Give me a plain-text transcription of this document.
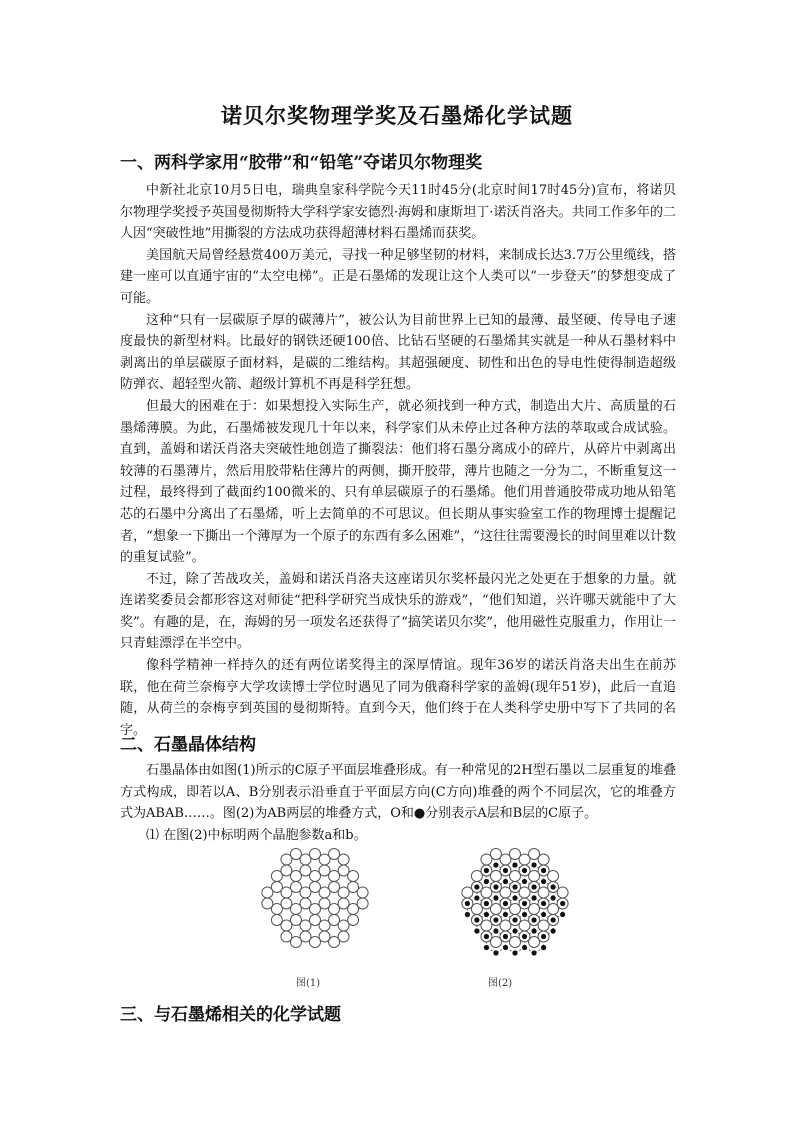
诺贝尔奖物理学奖及石墨烯化学试题
一、两科学家用“胶带”和“铅笔”夺诺贝尔物理奖

中新社北京10月5日电，瑞典皇家科学院今天11时45分(北京时间17时45分)宣布，将诺贝尔物理学奖授予英国曼彻斯特大学科学家安德烈·海姆和康斯坦丁·诺沃肖洛夫。共同工作多年的二人因“突破性地”用撕裂的方法成功获得超薄材料石墨烯而获奖。

美国航天局曾经悬赏400万美元，寻找一种足够坚韧的材料，来制成长达3.7万公里缆线，搭建一座可以直通宇宙的“太空电梯”。正是石墨烯的发现让这个人类可以“一步登天”的梦想变成了可能。

这种“只有一层碳原子厚的碳薄片”，被公认为目前世界上已知的最薄、最坚硬、传导电子速度最快的新型材料。比最好的钢铁还硬100倍、比钻石坚硬的石墨烯其实就是一种从石墨材料中剥离出的单层碳原子面材料，是碳的二维结构。其超强硬度、韧性和出色的导电性使得制造超级防弹衣、超轻型火箭、超级计算机不再是科学狂想。

但最大的困难在于：如果想投入实际生产，就必须找到一种方式，制造出大片、高质量的石墨烯薄膜。为此，石墨烯被发现几十年以来，科学家们从未停止过各种方法的萃取或合成试验。直到，盖姆和诺沃肖洛夫突破性地创造了撕裂法：他们将石墨分离成小的碎片，从碎片中剥离出较薄的石墨薄片，然后用胶带粘住薄片的两侧，撕开胶带，薄片也随之一分为二，不断重复这一过程，最终得到了截面约100微米的、只有单层碳原子的石墨烯。他们用普通胶带成功地从铅笔芯的石墨中分离出了石墨烯，听上去简单的不可思议。但长期从事实验室工作的物理博士提醒记者，“想象一下撕出一个薄厚为一个原子的东西有多么困难”，“这往往需要漫长的时间里难以计数的重复试验”。

不过，除了苦战攻关，盖姆和诺沃肖洛夫这座诺贝尔奖杯最闪光之处更在于想象的力量。就连诺奖委员会都形容这对师徒“把科学研究当成快乐的游戏”，“他们知道，兴许哪天就能中了大奖”。有趣的是，在，海姆的另一项发名还获得了“搞笑诺贝尔奖”，他用磁性克服重力，作用让一只青蛙漂浮在半空中。

像科学精神一样持久的还有两位诺奖得主的深厚情谊。现年36岁的诺沃肖洛夫出生在前苏联，他在荷兰奈梅亨大学攻读博士学位时遇见了同为俄裔科学家的盖姆(现年51岁)，此后一直追随，从荷兰的奈梅亨到英国的曼彻斯特。直到今天，他们终于在人类科学史册中写下了共同的名字。

二、石墨晶体结构

石墨晶体由如图(1)所示的C原子平面层堆叠形成。有一种常见的2H型石墨以二层重复的堆叠方式构成，即若以A、B分别表示沿垂直于平面层方向(C方向)堆叠的两个不同层次，它的堆叠方式为ABAB……。图(2)为AB两层的堆叠方式，O和●分别表示A层和B层的C原子。

⑴ 在图(2)中标明两个晶胞参数a和b。

图(1)	图(2)
三、与石墨烯相关的化学试题
